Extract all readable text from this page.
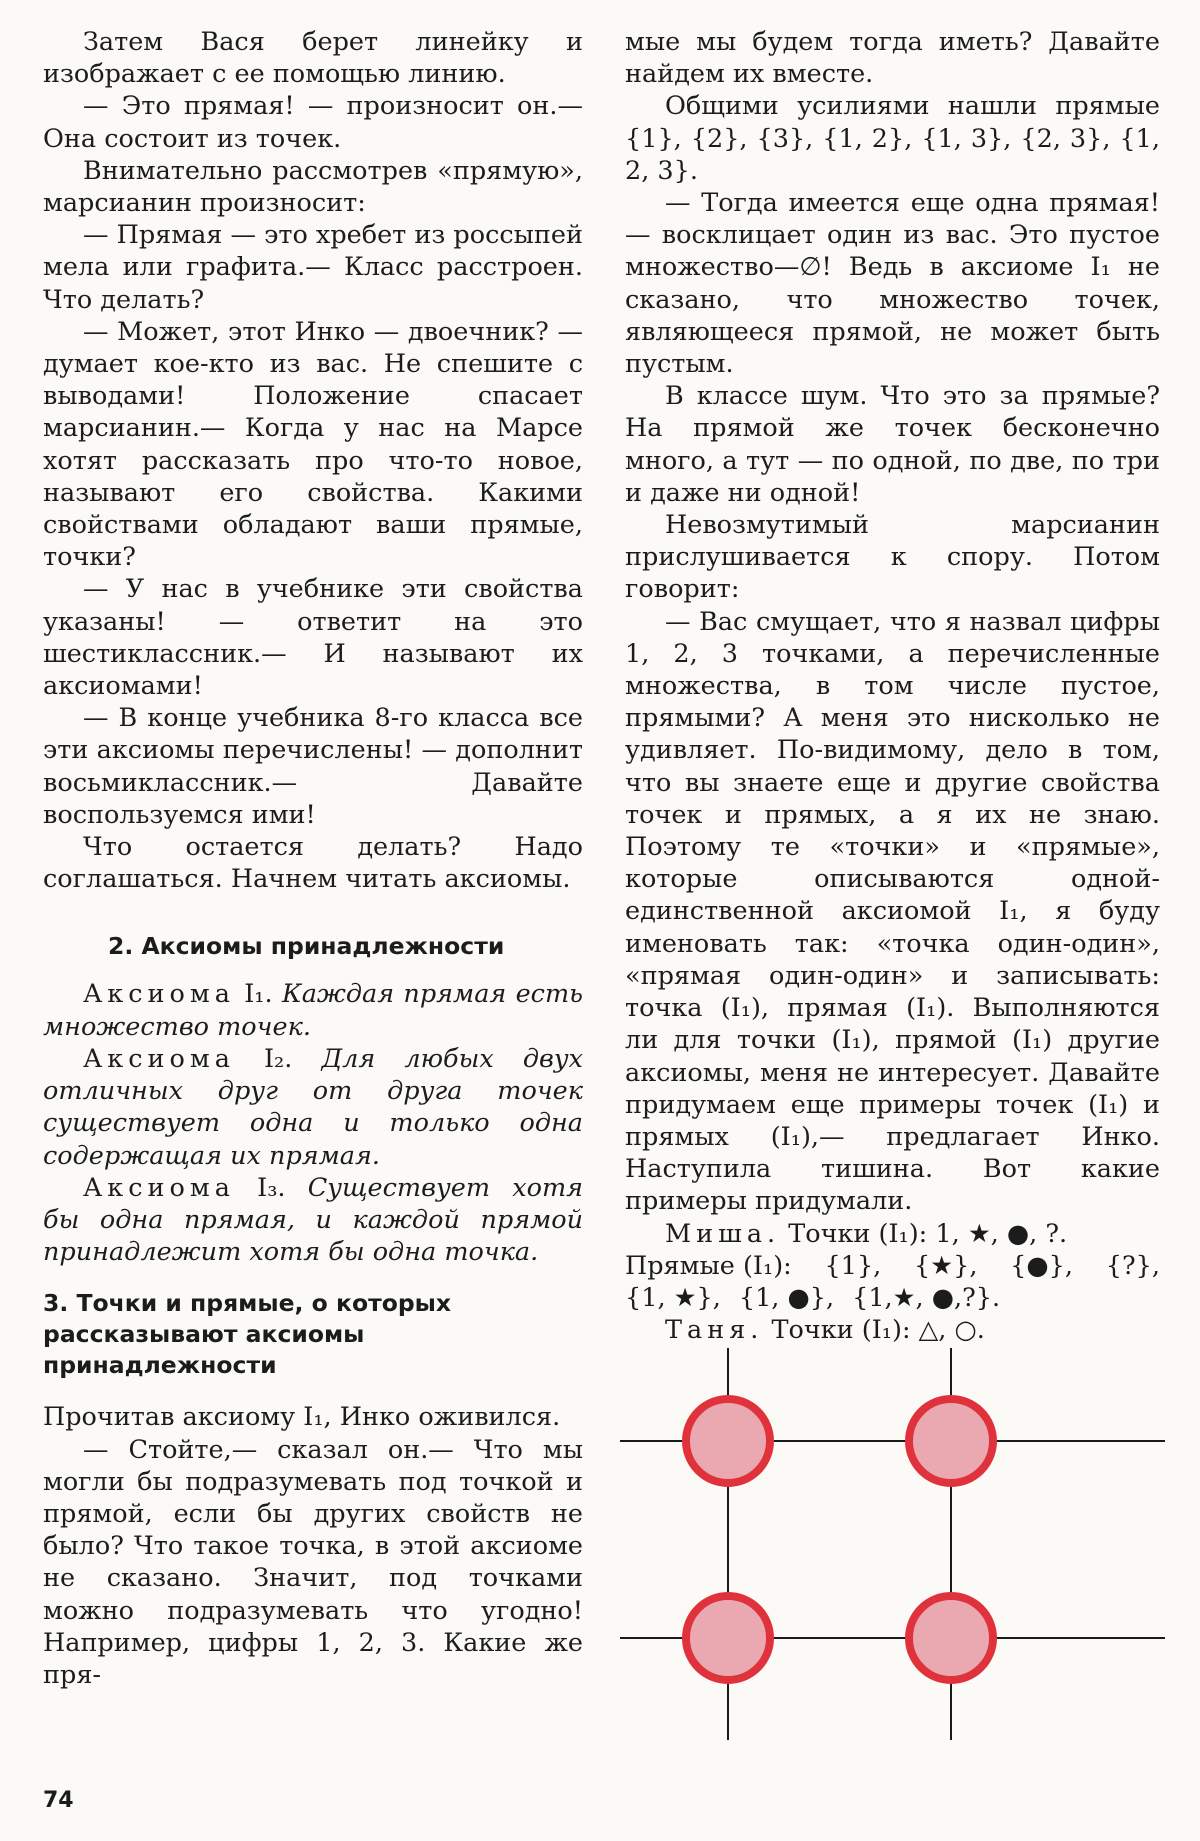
Затем Вася берет линейку и изображает с ее помощью линию.

— Это прямая! — произносит он.— Она состоит из точек.

Внимательно рассмотрев «прямую», марсианин произносит:

— Прямая — это хребет из россыпей мела или графита.— Класс расстроен. Что делать?

— Может, этот Инко — двоечник? — думает кое-кто из вас. Не спешите с выводами! Положение спасает марсианин.— Когда у нас на Марсе хотят рассказать про что-то новое, называют его свойства. Какими свойствами обладают ваши прямые, точки?

— У нас в учебнике эти свойства указаны! — ответит на это шестиклассник.— И называют их аксиомами!

— В конце учебника 8-го класса все эти аксиомы перечислены! — дополнит восьмиклассник.— Давайте воспользуемся ими!

Что остается делать? Надо соглашаться. Начнем читать аксиомы.

2. Аксиомы принадлежности

Аксиома I₁. Каждая прямая есть множество точек.

Аксиома I₂. Для любых двух отличных друг от друга точек существует одна и только одна содержащая их прямая.

Аксиома I₃. Существует хотя бы одна прямая, и каждой прямой принадлежит хотя бы одна точка.

3. Точки и прямые, о которых
рассказывают аксиомы
принадлежности

Прочитав аксиому I₁, Инко оживился.

— Стойте,— сказал он.— Что мы могли бы подразумевать под точкой и прямой, если бы других свойств не было? Что такое точка, в этой аксиоме не сказано. Значит, под точками можно подразумевать что угодно! Например, цифры 1, 2, 3. Какие же пря-

мые мы будем тогда иметь? Давайте найдем их вместе.

Общими усилиями нашли прямые {1}, {2}, {3}, {1, 2}, {1, 3}, {2, 3}, {1, 2, 3}.

— Тогда имеется еще одна прямая! — восклицает один из вас. Это пустое множество—∅! Ведь в аксиоме I₁ не сказано, что множество точек, являющееся прямой, не может быть пустым.

В классе шум. Что это за прямые? На прямой же точек бесконечно много, а тут — по одной, по две, по три и даже ни одной!

Невозмутимый марсианин прислушивается к спору. Потом говорит:

— Вас смущает, что я назвал цифры 1, 2, 3 точками, а перечисленные множества, в том числе пустое, прямыми? А меня это нисколько не удивляет. По-видимому, дело в том, что вы знаете еще и другие свойства точек и прямых, а я их не знаю. Поэтому те «точки» и «прямые», которые описываются одной-единственной аксиомой I₁, я буду именовать так: «точка один-один», «прямая один-один» и записывать: точка (I₁), прямая (I₁). Выполняются ли для точки (I₁), прямой (I₁) другие аксиомы, меня не интересует. Давайте придумаем еще примеры точек (I₁) и прямых (I₁),— предлагает Инко. Наступила тишина. Вот какие примеры придумали.

Миша. Точки (I₁): 1, ★, ●, ?.

Прямые (I₁): {1}, {★}, {●}, {?},
{1, ★}, {1, ●}, {1,★, ●,?}.

Таня. Точки (I₁): △, ○.

74
